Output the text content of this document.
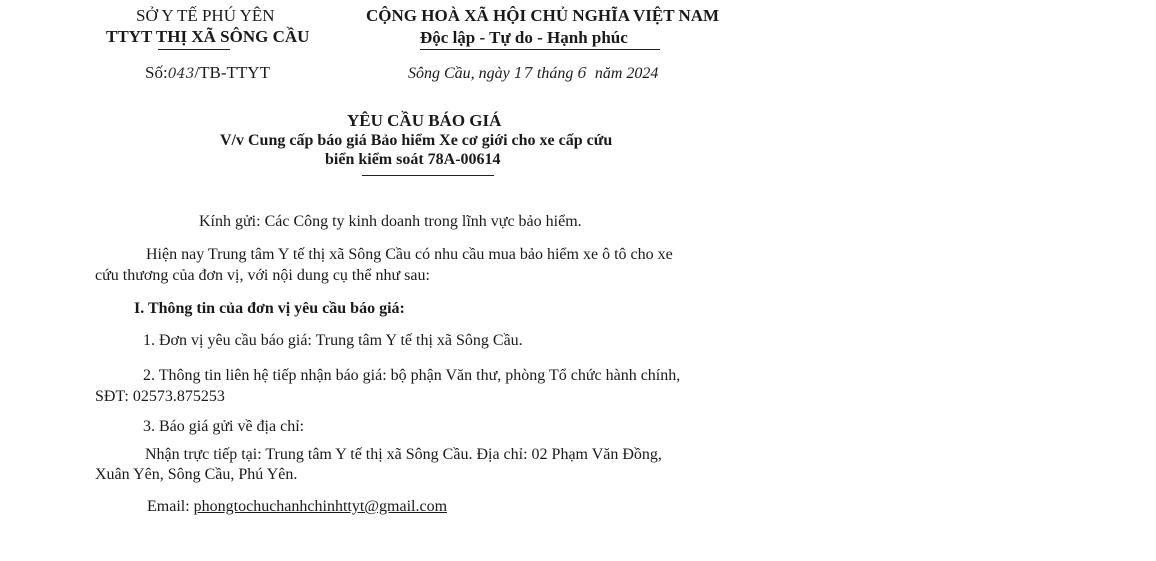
SỞ Y TẾ PHÚ YÊN
TTYT THỊ XÃ SÔNG CẦU
Số:043/TB-TTYT
CỘNG HOÀ XÃ HỘI CHỦ NGHĨA VIỆT NAM
Độc lập - Tự do - Hạnh phúc
Sông Cầu, ngày 17 tháng 6 năm 2024
YÊU CẦU BÁO GIÁ
V/v Cung cấp báo giá Bảo hiểm Xe cơ giới cho xe cấp cứu
biển kiểm soát 78A-00614
Kính gửi: Các Công ty kinh doanh trong lĩnh vực bảo hiểm.
Hiện nay Trung tâm Y tế thị xã Sông Cầu có nhu cầu mua bảo hiểm xe ô tô cho xe
cứu thương của đơn vị, với nội dung cụ thể như sau:
I. Thông tin của đơn vị yêu cầu báo giá:
1. Đơn vị yêu cầu báo giá: Trung tâm Y tế thị xã Sông Cầu.
2. Thông tin liên hệ tiếp nhận báo giá: bộ phận Văn thư, phòng Tổ chức hành chính,
SĐT: 02573.875253
3. Báo giá gửi về địa chỉ:
Nhận trực tiếp tại: Trung tâm Y tế thị xã Sông Cầu. Địa chỉ: 02 Phạm Văn Đồng,
Xuân Yên, Sông Cầu, Phú Yên.
Email: phongtochuchanhchinhttyt@gmail.com
